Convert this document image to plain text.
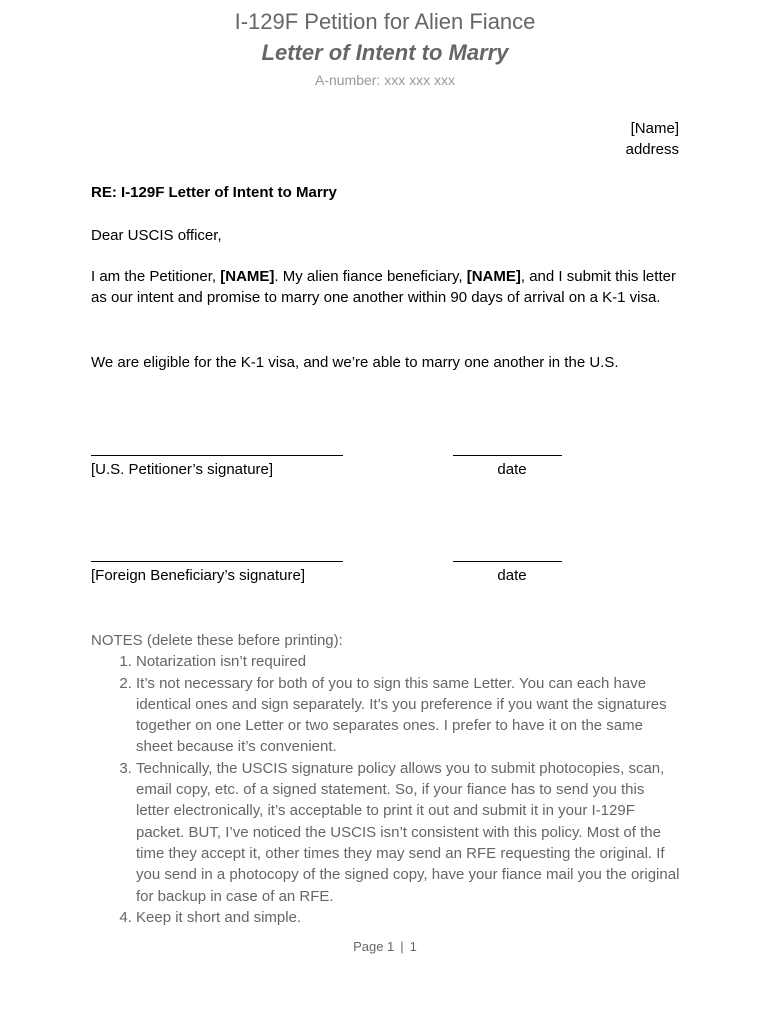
I-129F Petition for Alien Fiance
Letter of Intent to Marry
A-number: xxx xxx xxx
[Name]
address
RE: I-129F Letter of Intent to Marry
Dear USCIS officer,
I am the Petitioner, [NAME]. My alien fiance beneficiary, [NAME], and I submit this letter as our intent and promise to marry one another within 90 days of arrival on a K-1 visa.
We are eligible for the K-1 visa, and we’re able to marry one another in the U.S.
[U.S. Petitioner’s signature]	date
[Foreign Beneficiary’s signature]	date
NOTES (delete these before printing):
1. Notarization isn’t required
2. It’s not necessary for both of you to sign this same Letter. You can each have identical ones and sign separately. It’s you preference if you want the signatures together on one Letter or two separates ones. I prefer to have it on the same sheet because it’s convenient.
3. Technically, the USCIS signature policy allows you to submit photocopies, scan, email copy, etc. of a signed statement. So, if your fiance has to send you this letter electronically, it’s acceptable to print it out and submit it in your I-129F packet. BUT, I’ve noticed the USCIS isn’t consistent with this policy. Most of the time they accept it, other times they may send an RFE requesting the original. If you send in a photocopy of the signed copy, have your fiance mail you the original for backup in case of an RFE.
4. Keep it short and simple.
Page 1 | 1
